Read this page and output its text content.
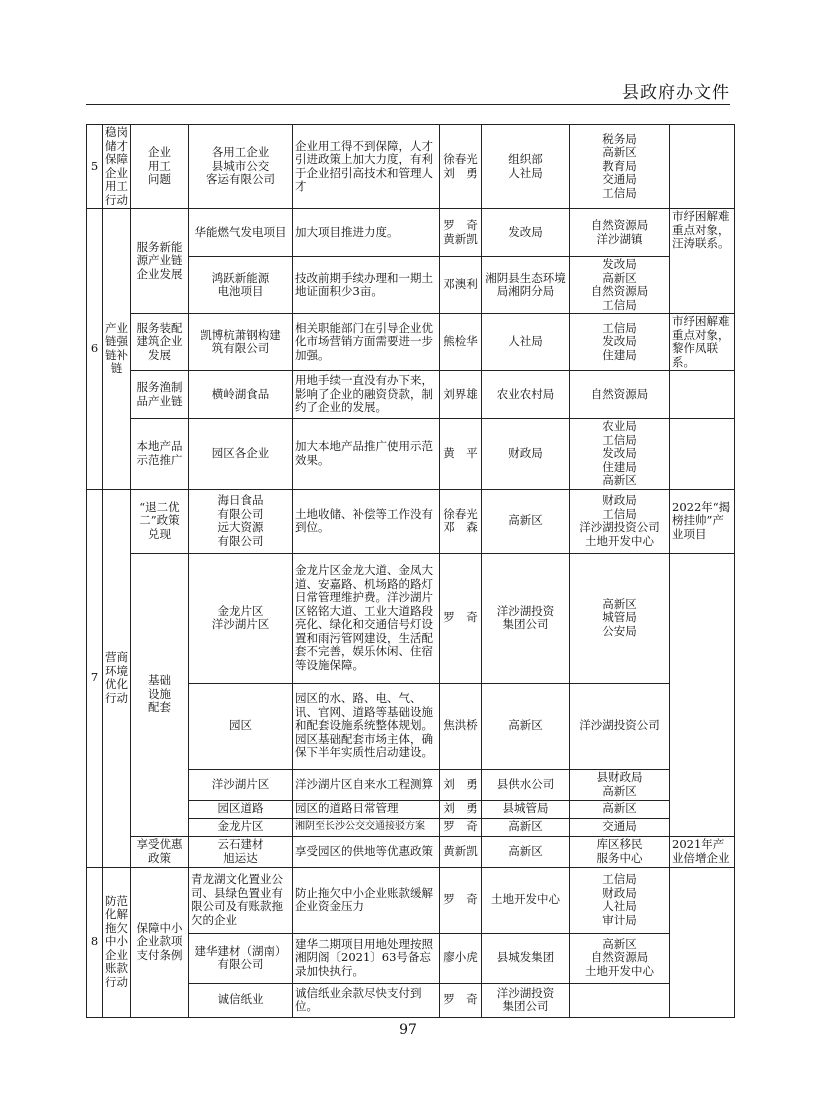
县政府办文件
5	稳岗储才保障企业用工行动	企业
用工
问题	各用工企业
县城市公交
客运有限公司	企业用工得不到保障，人才引进政策上加大力度，有利于企业招引高技术和管理人才	徐春光
刘　勇	组织部
人社局	税务局
高新区
教育局
交通局
工信局	

6	产业链强链补链	服务新能
源产业链
企业发展	华能燃气发电项目	加大项目推进力度。	罗　奇
黄新凯	发改局	自然资源局
洋沙湖镇	市纾困解难重点对象，汪涛联系。

			鸿跃新能源
电池项目	技改前期手续办理和一期土地证面积少3亩。	邓澳利	湘阴县生态环境局湘阴分局	发改局
高新区
自然资源局
工信局	

		服务装配
建筑企业
发展	凯博杭萧钢构建
筑有限公司	相关职能部门在引导企业优化市场营销方面需要进一步加强。	熊检华	人社局	工信局
发改局
住建局	市纾困解难重点对象，黎作凤联系。

		服务渔制
品产业链	横岭湖食品	用地手续一直没有办下来，影响了企业的融资贷款，制约了企业的发展。	刘界雄	农业农村局	自然资源局	

		本地产品
示范推广	园区各企业	加大本地产品推广使用示范效果。	黄　平	财政局	农业局
工信局
发改局
住建局
高新区	

7	营商环境优化行动	“退二优
二”政策
兑现	海日食品
有限公司
远大资源
有限公司	土地收储、补偿等工作没有到位。	徐春光
邓　森	高新区	财政局
工信局
洋沙湖投资公司
土地开发中心	2022年“揭榜挂帅”产业项目

		基础
设施
配套	金龙片区
洋沙湖片区	金龙片区金龙大道、金凤大道、安嘉路、机场路的路灯日常管理维护费。洋沙湖片区铭铭大道、工业大道路段亮化、绿化和交通信号灯设置和雨污管网建设，生活配套不完善，娱乐休闲、住宿等设施保障。	罗　奇	洋沙湖投资
集团公司	高新区
城管局
公安局	

			园区	园区的水、路、电、气、讯、官网、道路等基础设施和配套设施系统整体规划。园区基础配套市场主体，确保下半年实质性启动建设。	焦洪桥	高新区	洋沙湖投资公司	

			洋沙湖片区	洋沙湖片区自来水工程测算	刘　勇	县供水公司	县财政局
高新区	

			园区道路	园区的道路日常管理	刘　勇	县城管局	高新区	

			金龙片区	湘阴至长沙公交交通接驳方案	罗　奇	高新区	交通局	

		享受优惠
政策	云石建材
旭运达	享受园区的供地等优惠政策	黄新凯	高新区	库区移民
服务中心	2021年产业倍增企业

8	防范化解拖欠中小企业账款行动	保障中小
企业款项
支付条例	青龙湖文化置业公司、县绿色置业有限公司及有账款拖欠的企业	防止拖欠中小企业账款缓解企业资金压力	罗　奇	土地开发中心	工信局
财政局
人社局
审计局	

			建华建材（湖南）
有限公司	建华二期项目用地处理按照湘阴阁〔2021〕63号备忘录加快执行。	廖小虎	县城发集团	高新区
自然资源局
土地开发中心	

			诚信纸业	诚信纸业余款尽快支付到位。	罗　奇	洋沙湖投资
集团公司		

97
